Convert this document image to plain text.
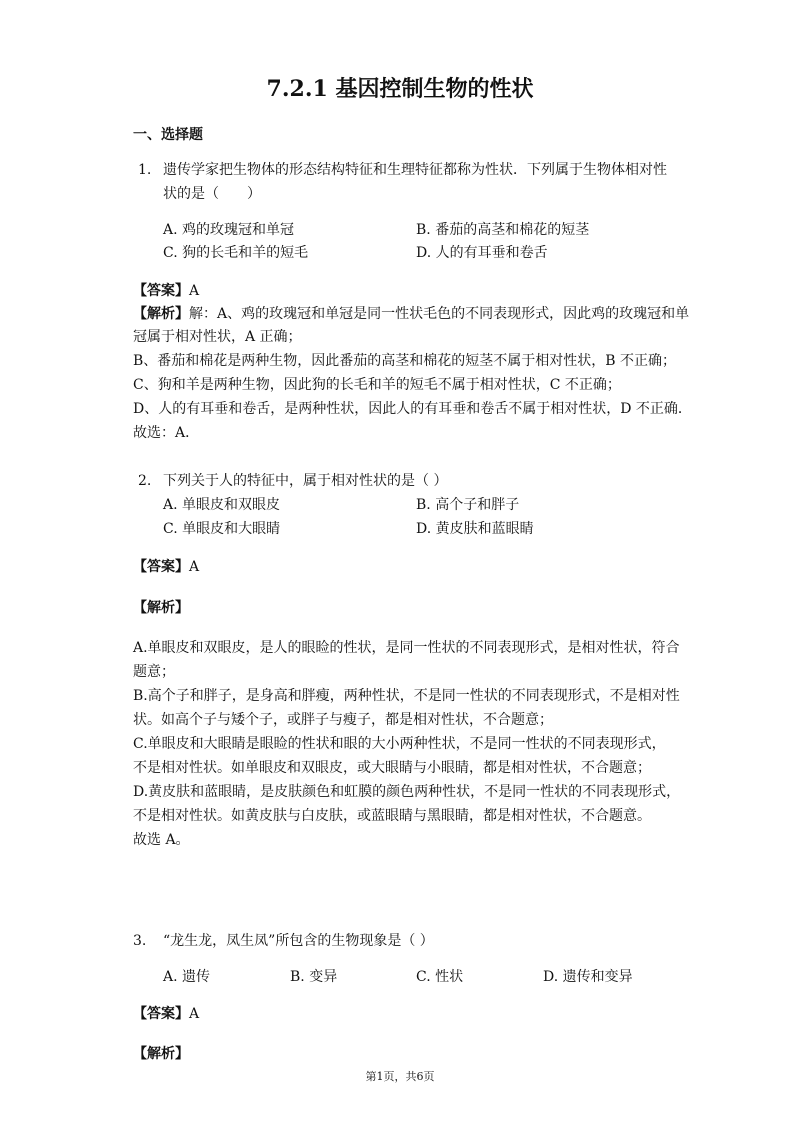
7.2.1 基因控制生物的性状
一、选择题
1. 遗传学家把生物体的形态结构特征和生理特征都称为性状．下列属于生物体相对性
状的是（　　）
A. 鸡的玫瑰冠和单冠	B. 番茄的高茎和棉花的短茎
C. 狗的长毛和羊的短毛	D. 人的有耳垂和卷舌
【答案】A
【解析】解：A、鸡的玫瑰冠和单冠是同一性状毛色的不同表现形式，因此鸡的玫瑰冠和单
冠属于相对性状，A 正确；
B、番茄和棉花是两种生物，因此番茄的高茎和棉花的短茎不属于相对性状，B 不正确；
C、狗和羊是两种生物，因此狗的长毛和羊的短毛不属于相对性状，C 不正确；
D、人的有耳垂和卷舌，是两种性状，因此人的有耳垂和卷舌不属于相对性状，D 不正确．
故选：A．
2. 下列关于人的特征中，属于相对性状的是（ ）
A. 单眼皮和双眼皮	B. 高个子和胖子
C. 单眼皮和大眼睛	D. 黄皮肤和蓝眼睛
【答案】A
【解析】
A.单眼皮和双眼皮，是人的眼睑的性状，是同一性状的不同表现形式，是相对性状，符合
题意；
B.高个子和胖子，是身高和胖瘦，两种性状，不是同一性状的不同表现形式，不是相对性
状。如高个子与矮个子，或胖子与瘦子，都是相对性状，不合题意；
C.单眼皮和大眼睛是眼睑的性状和眼的大小两种性状，不是同一性状的不同表现形式，
不是相对性状。如单眼皮和双眼皮，或大眼睛与小眼睛，都是相对性状，不合题意；
D.黄皮肤和蓝眼睛，是皮肤颜色和虹膜的颜色两种性状，不是同一性状的不同表现形式，
不是相对性状。如黄皮肤与白皮肤，或蓝眼睛与黑眼睛，都是相对性状，不合题意。
故选 A。
3. “龙生龙，凤生凤”所包含的生物现象是（ ）
A. 遗传	B. 变异	C. 性状	D. 遗传和变异
【答案】A
【解析】
第1页，共6页
